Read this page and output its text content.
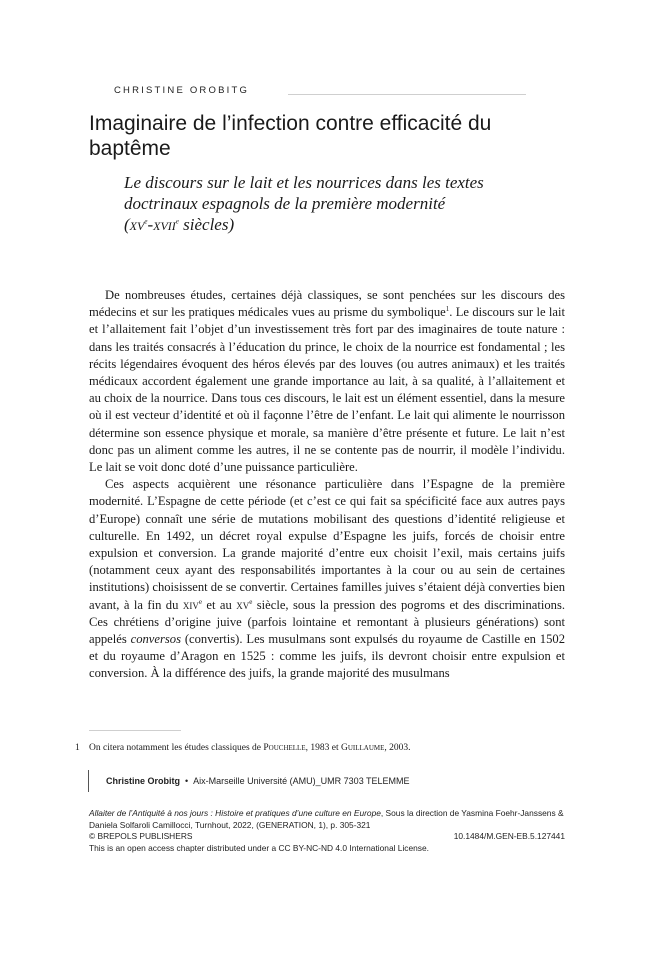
CHRISTINE OROBITG
Imaginaire de l’infection contre efficacité du baptême
Le discours sur le lait et les nourrices dans les textes
doctrinaux espagnols de la première modernité
($xv^e-xvii^e$ siècles)

De nombreuses études, certaines déjà classiques, se sont penchées sur les discours des médecins et sur les pratiques médicales vues au prisme du symbolique$^1$. Le discours sur le lait et l’allaitement fait l’objet d’un investissement très fort par des imaginaires de toute nature : dans les traités consacrés à l’éducation du prince, le choix de la nourrice est fondamental ; les récits légendaires évoquent des héros élevés par des louves (ou autres animaux) et les traités médicaux accordent également une grande importance au lait, à sa qualité, à l’allaitement et au choix de la nourrice. Dans tous ces discours, le lait est un élément essentiel, dans la mesure où il est vecteur d’identité et où il façonne l’être de l’enfant. Le lait qui alimente le nourrisson détermine son essence physique et morale, sa manière d’être présente et future. Le lait n’est donc pas un aliment comme les autres, il ne se contente pas de nourrir, il modèle l’individu. Le lait se voit donc doté d’une puissance particulière.

Ces aspects acquièrent une résonance particulière dans l’Espagne de la première modernité. L’Espagne de cette période (et c’est ce qui fait sa spécificité face aux autres pays d’Europe) connaît une série de mutations mobilisant des questions d’identité religieuse et culturelle. En 1492, un décret royal expulse d’Espagne les juifs, forcés de choisir entre expulsion et conversion. La grande majorité d’entre eux choisit l’exil, mais certains juifs (notamment ceux ayant des responsabilités importantes à la cour ou au sein de certaines institutions) choisissent de se convertir. Certaines familles juives s’étaient déjà converties bien avant, à la fin du xiv$^e$ et au $xv^e$ siècle, sous la pression des pogroms et des discriminations. Ces chrétiens d’origine juive (parfois lointaine et remontant à plusieurs générations) sont appelés conversos (convertis). Les musulmans sont expulsés du royaume de Castille en 1502 et du royaume d’Aragon en 1525 : comme les juifs, ils devront choisir entre expulsion et conversion. À la différence des juifs, la grande majorité des musulmans

1 On citera notamment les études classiques de Pouchelle, 1983 et Guillaume, 2003.
Christine Orobitg • Aix-Marseille Université (AMU)_UMR 7303 TELEMME
Allaiter de l’Antiquité à nos jours : Histoire et pratiques d’une culture en Europe, Sous la direction de Yasmina Foehr-Janssens & Daniela Solfaroli Camillocci, Turnhout, 2022, (GENERATION, 1), p. 305-321
© BREPOLS PUBLISHERS	10.1484/M.GEN-EB.5.127441
This is an open access chapter distributed under a CC BY-NC-ND 4.0 International License.
